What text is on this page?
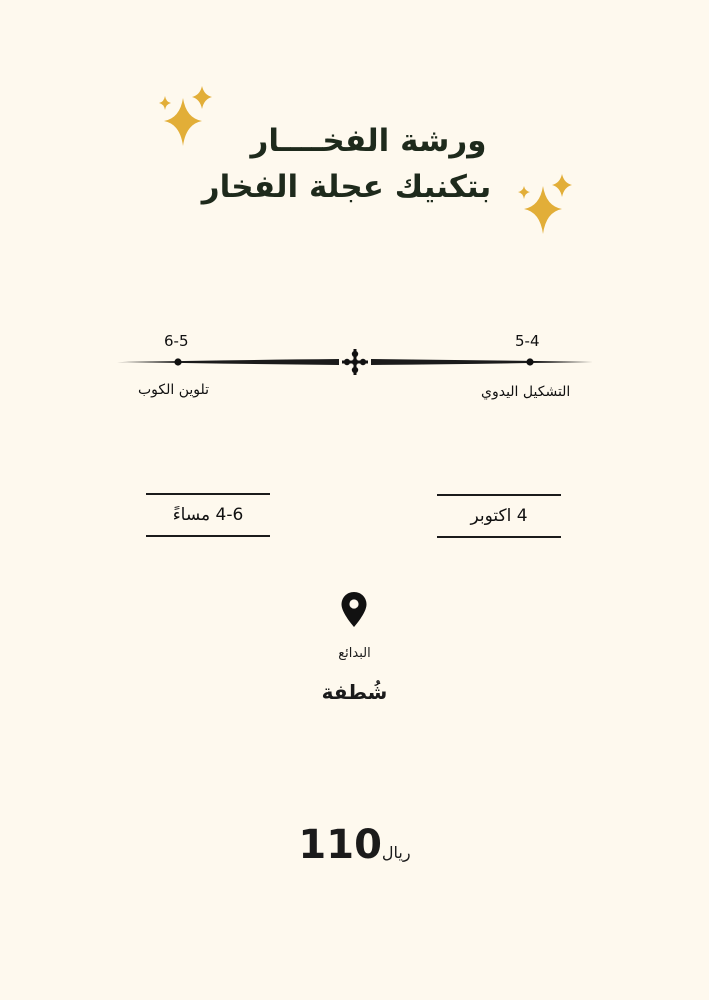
ورشة الفخــــار
بتكنيك عجلة الفخار
6-5	5-4
تلوين الكوب	التشكيل اليدوي
4-6 مساءً	4 اكتوبر
البدائع
شُطفة
ريال110
